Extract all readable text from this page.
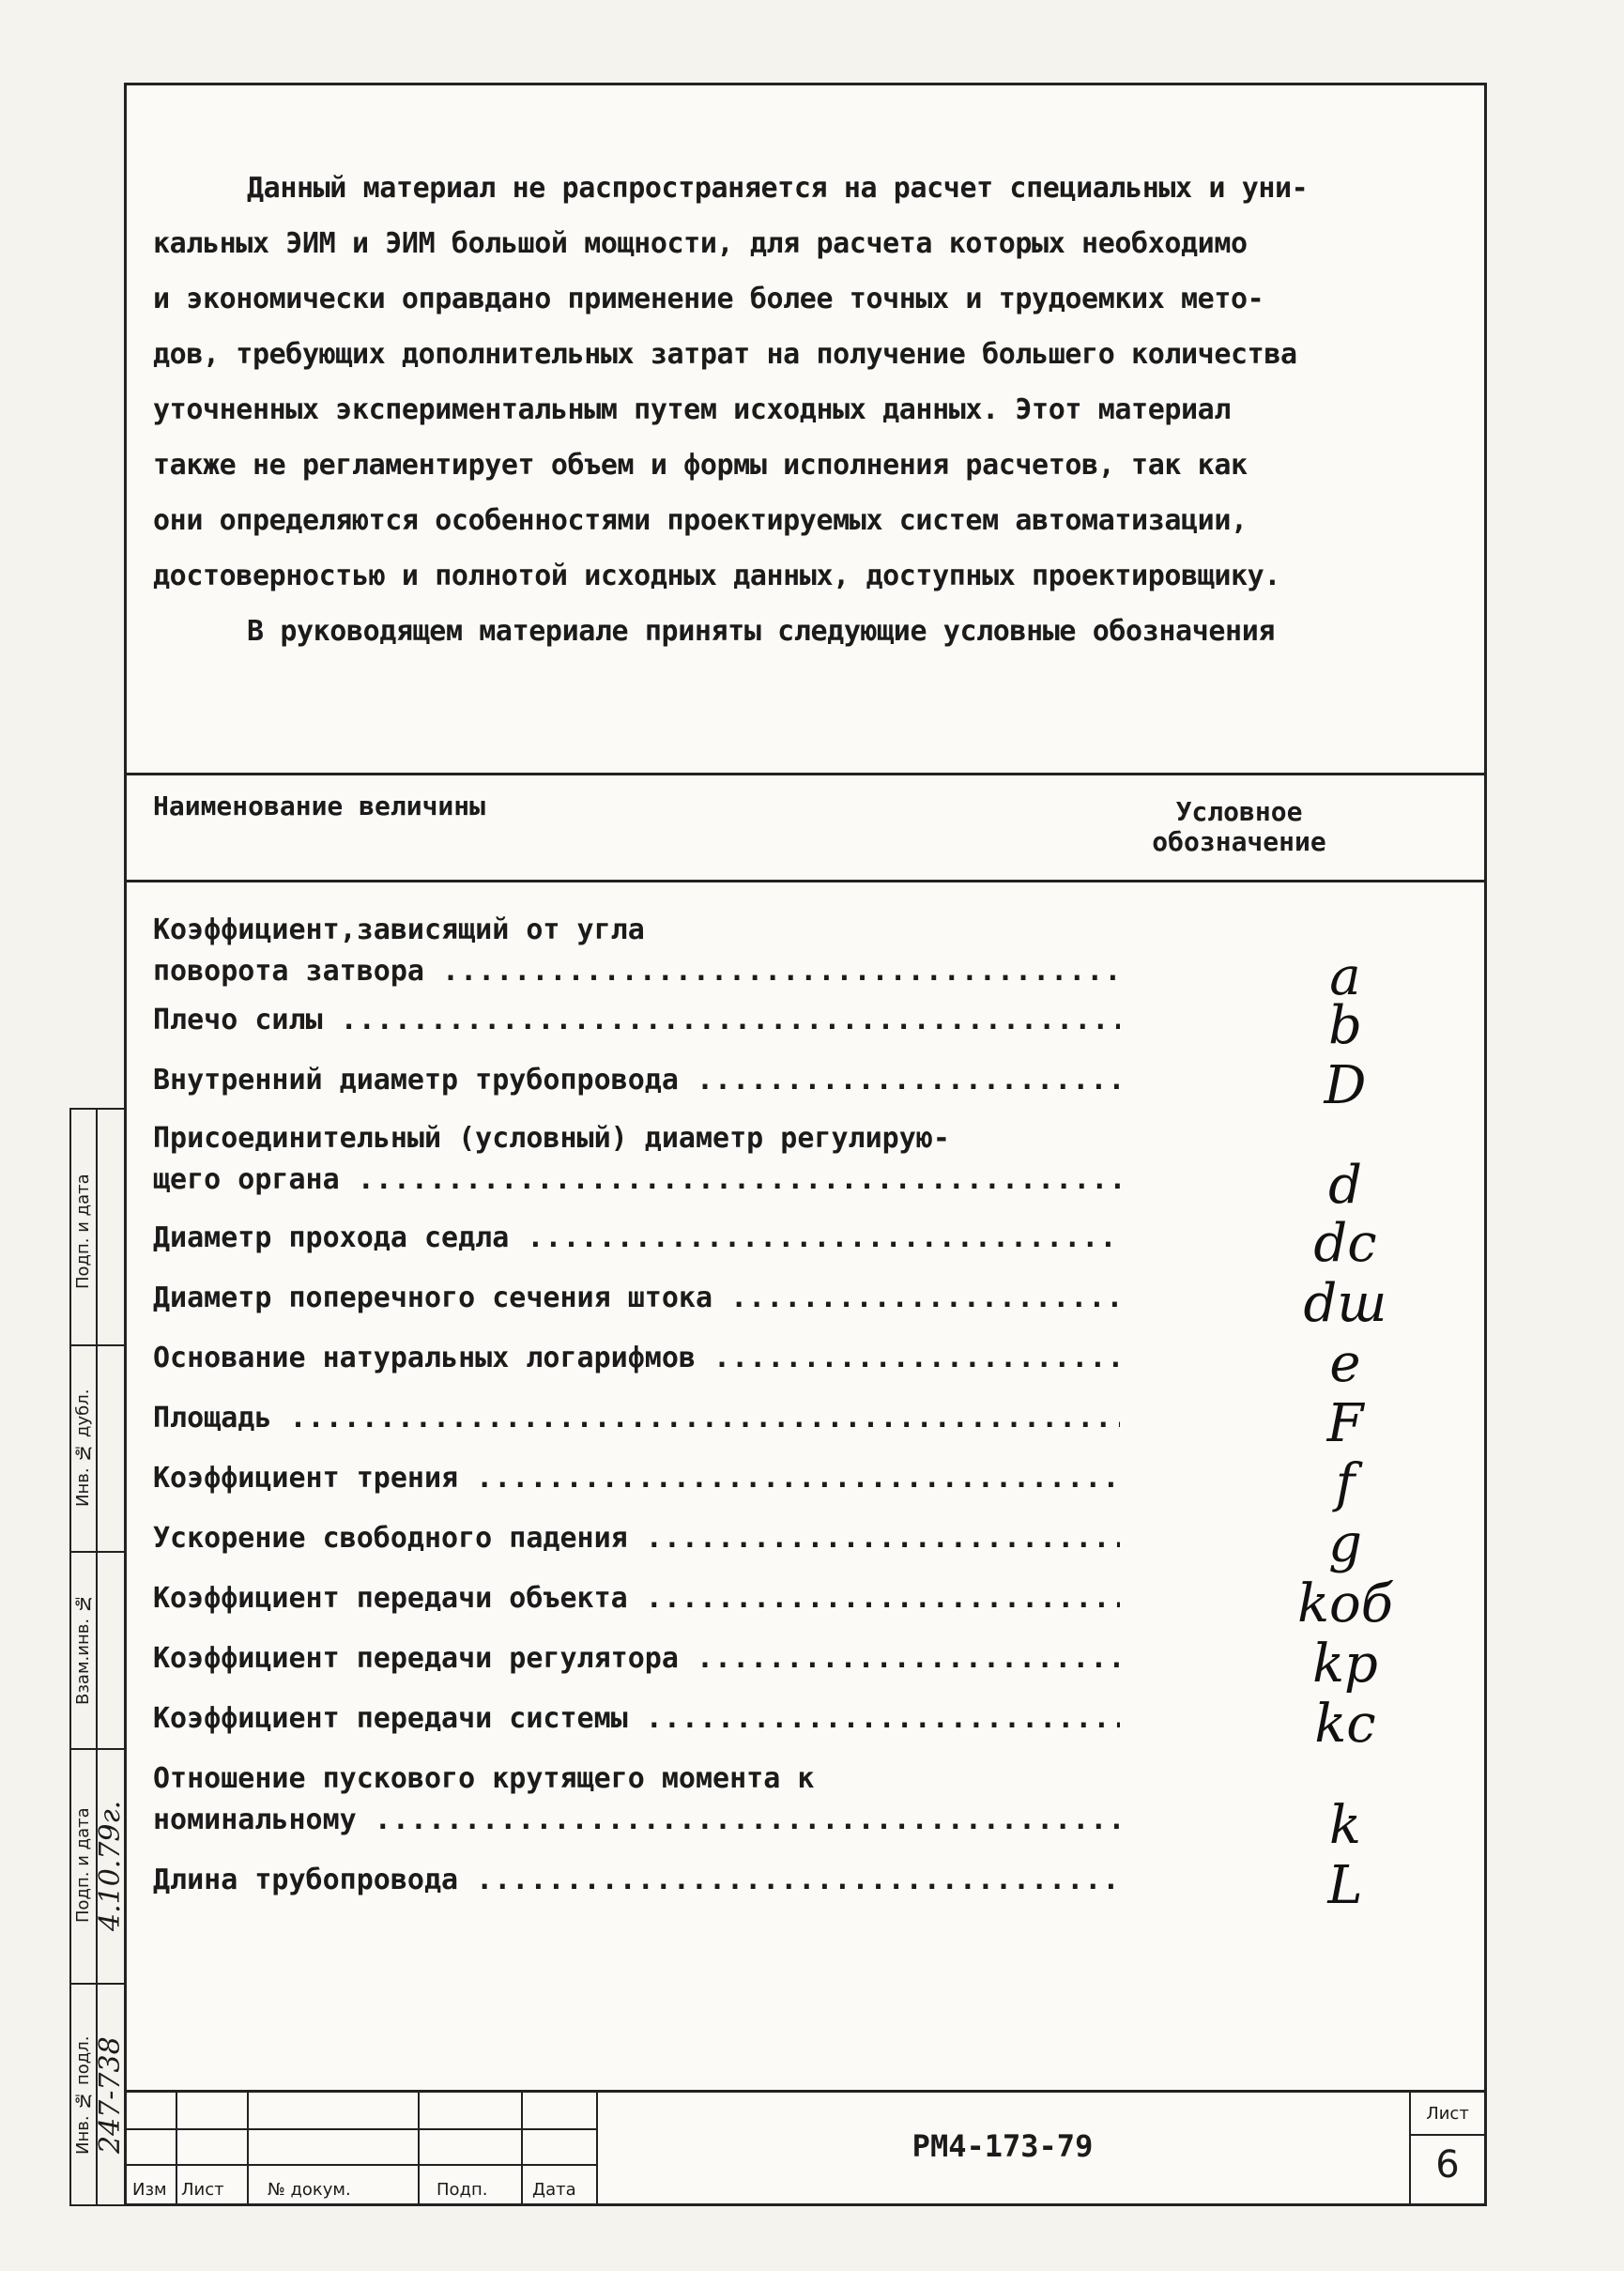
Данный материал не распространяется на расчет специальных и уни-

кальных ЭИМ и ЭИМ большой мощности, для расчета которых необходимо

и экономически оправдано применение более точных и трудоемких мето-

дов, требующих дополнительных затрат на получение большего количества

уточненных экспериментальным путем исходных данных. Этот материал

также не регламентирует объем и формы исполнения расчетов, так как

они определяются особенностями проектируемых систем автоматизации,

достоверностью и полнотой исходных данных, доступных проектировщику.

В руководящем материале приняты следующие условные обозначения

Наименование величины	Условное
обозначение
Коэффициент,зависящий от угла
поворота затвора .....	a
Плечо силы .....	b
Внутренний диаметр трубопровода .....	D
Присоединительный (условный) диаметр регулирую-
щего органа .....	d
Диаметр прохода седла .....	dc
Диаметр поперечного сечения штока .....	dш
Основание натуральных логарифмов .....	e
Площадь .....	F
Коэффициент трения .....	f
Ускорение свободного падения .....	g
Коэффициент передачи объекта .....	kоб
Коэффициент передачи регулятора .....	kр
Коэффициент передачи системы .....	kc
Отношение пускового крутящего момента к
номинальному .....	k
Длина трубопровода .....	L
Изм Лист	№ докум.	Подп.	Дата
РМ4-173-79
Лист
6
Подп. и дата
Инв. № дубл.
Взам.инв. №
Подп. и дата
Инв. № подл.
4.10.79г.
247-738
